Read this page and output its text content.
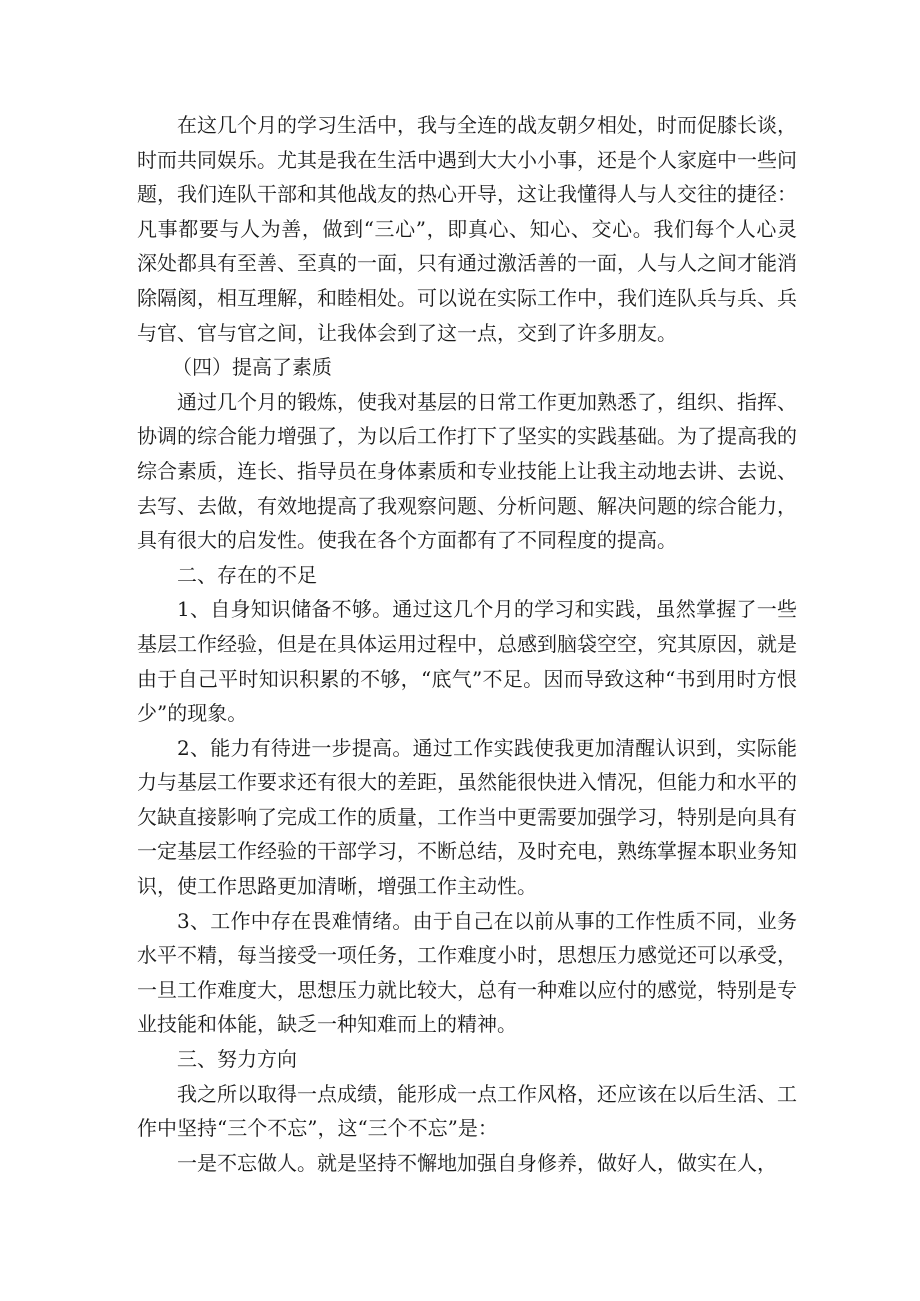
在这几个月的学习生活中，我与全连的战友朝夕相处，时而促膝长谈，时而共同娱乐。尤其是我在生活中遇到大大小小事，还是个人家庭中一些问题，我们连队干部和其他战友的热心开导，这让我懂得人与人交往的捷径：凡事都要与人为善，做到“三心”，即真心、知心、交心。我们每个人心灵深处都具有至善、至真的一面，只有通过激活善的一面，人与人之间才能消除隔阂，相互理解，和睦相处。可以说在实际工作中，我们连队兵与兵、兵与官、官与官之间，让我体会到了这一点，交到了许多朋友。

（四）提高了素质

通过几个月的锻炼，使我对基层的日常工作更加熟悉了，组织、指挥、协调的综合能力增强了，为以后工作打下了坚实的实践基础。为了提高我的综合素质，连长、指导员在身体素质和专业技能上让我主动地去讲、去说、去写、去做，有效地提高了我观察问题、分析问题、解决问题的综合能力，具有很大的启发性。使我在各个方面都有了不同程度的提高。

二、存在的不足

1、自身知识储备不够。通过这几个月的学习和实践，虽然掌握了一些基层工作经验，但是在具体运用过程中，总感到脑袋空空，究其原因，就是由于自己平时知识积累的不够，“底气”不足。因而导致这种“书到用时方恨少”的现象。

2、能力有待进一步提高。通过工作实践使我更加清醒认识到，实际能力与基层工作要求还有很大的差距，虽然能很快进入情况，但能力和水平的欠缺直接影响了完成工作的质量，工作当中更需要加强学习，特别是向具有一定基层工作经验的干部学习，不断总结，及时充电，熟练掌握本职业务知识，使工作思路更加清晰，增强工作主动性。

3、工作中存在畏难情绪。由于自己在以前从事的工作性质不同，业务水平不精，每当接受一项任务，工作难度小时，思想压力感觉还可以承受，一旦工作难度大，思想压力就比较大，总有一种难以应付的感觉，特别是专业技能和体能，缺乏一种知难而上的精神。

三、努力方向

我之所以取得一点成绩，能形成一点工作风格，还应该在以后生活、工作中坚持“三个不忘”，这“三个不忘”是：

一是不忘做人。就是坚持不懈地加强自身修养，做好人，做实在人，
